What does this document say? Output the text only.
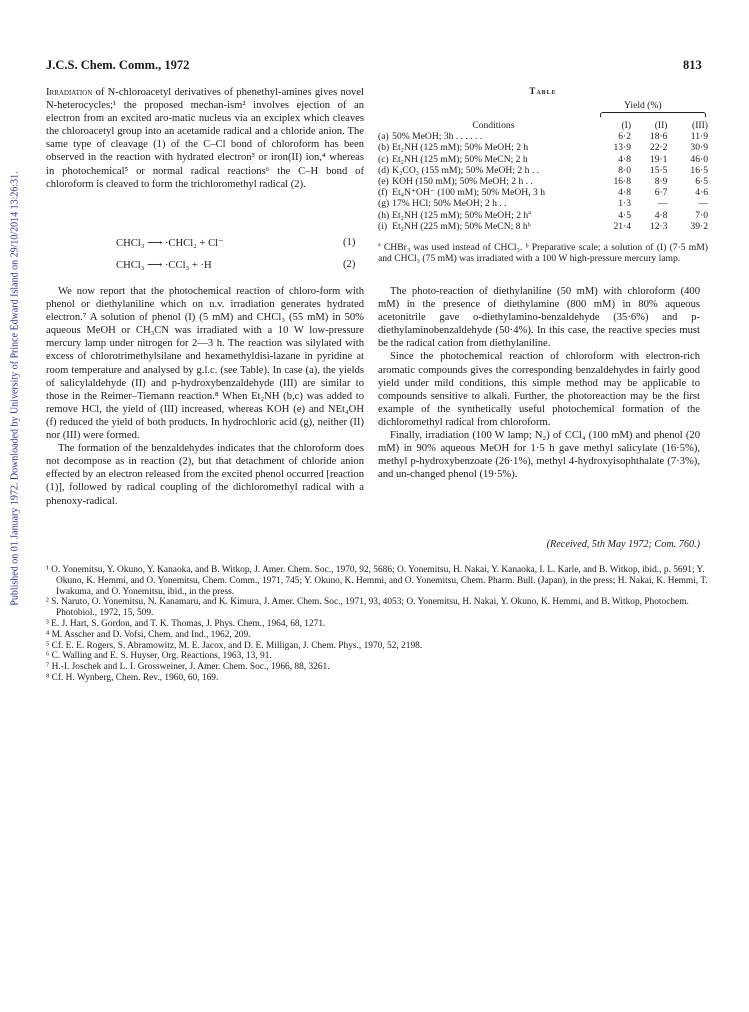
Published on 01 January 1972. Downloaded by University of Prince Edward Island on 29/10/2014 13:26:31.
J.C.S. Chem. Comm., 1972	813

Irradiation of N-chloroacetyl derivatives of phenethyl-amines gives novel N-heterocycles;¹ the proposed mechan-ism² involves ejection of an electron from an excited aro-matic nucleus via an exciplex which cleaves the chloroacetyl group into an acetamide radical and a chloride anion. The same type of cleavage (1) of the C–Cl bond of chloroform has been observed in the reaction with hydrated electron³ or iron(II) ion,⁴ whereas in photochemical⁵ or normal radical reactions⁶ the C–H bond of chloroform is cleaved to form the trichloromethyl radical (2).

CHCl₃ ⟶ ·CHCl₂ + Cl⁻	(1)
CHCl₃ ⟶ ·CCl₃ + ·H	(2)

We now report that the photochemical reaction of chloro-form with phenol or diethylaniline which on u.v. irradiation generates hydrated electron.⁷ A solution of phenol (I) (5 mM) and CHCl₃ (55 mM) in 50% aqueous MeOH or CH₃CN was irradiated with a 10 W low-pressure mercury lamp under nitrogen for 2—3 h. The reaction was silylated with excess of chlorotrimethylsilane and hexamethyldisi-lazane in pyridine at room temperature and analysed by g.l.c. (see Table). In case (a), the yields of salicylaldehyde (II) and p-hydroxybenzaldehyde (III) are similar to those in the Reimer–Tiemann reaction.⁸ When Et₂NH (b,c) was added to remove HCl, the yield of (III) increased, whereas KOH (e) and NEt₄OH (f) reduced the yield of both products. In hydrochloric acid (g), neither (II) nor (III) were formed.

The formation of the benzaldehydes indicates that the chloroform does not decompose as in reaction (2), but that detachment of chloride anion effected by an electron released from the excited phenol occurred [reaction (1)], followed by radical coupling of the dichloromethyl radical with a phenoxy-radical.

Table
Yield (%)
	Conditions	(I)	(II)	(III)
(a)	50% MeOH; 3h . . . . . .	6·2	18·6	11·9
(b)	Et₂NH (125 mM); 50% MeOH; 2 h	13·9	22·2	30·9
(c)	Et₂NH (125 mM); 50% MeCN; 2 h	4·8	19·1	46·0
(d)	K₂CO₃ (155 mM); 50% MeOH; 2 h . .	8·0	15·5	16·5
(e)	KOH (150 mM); 50% MeOH; 2 h . .	16·8	8·9	6·5
(f)	Et₄N⁺OH⁻ (100 mM); 50% MeOH, 3 h	4·8	6·7	4·6
(g)	17% HCl; 50% MeOH; 2 h . .	1·3	—	—
(h)	Et₂NH (125 mM); 50% MeOH; 2 hª	4·5	4·8	7·0
(i)	Et₂NH (225 mM); 50% MeCN; 8 hᵇ	21·4	12·3	39·2
ª CHBr₃ was used instead of CHCl₃. ᵇ Preparative scale; a solution of (I) (7·5 mM) and CHCl₃ (75 mM) was irradiated with a 100 W high-pressure mercury lamp.

The photo-reaction of diethylaniline (50 mM) with chloroform (400 mM) in the presence of diethylamine (800 mM) in 80% aqueous acetonitrile gave o-diethylamino-benzaldehyde (35·6%) and p-diethylaminobenzaldehyde (50·4%). In this case, the reactive species must be the radical cation from diethylaniline.

Since the photochemical reaction of chloroform with electron-rich aromatic compounds gives the corresponding benzaldehydes in fairly good yield under mild conditions, this simple method may be applicable to compounds sensitive to alkali. Further, the photoreaction may be the first example of the synthetically useful photochemical formation of the dichloromethyl radical from chloroform.

Finally, irradiation (100 W lamp; N₂) of CCl₄ (100 mM) and phenol (20 mM) in 90% aqueous MeOH for 1·5 h gave methyl salicylate (16·5%), methyl p-hydroxybenzoate (26·1%), methyl 4-hydroxyisophthalate (7·3%), and un-changed phenol (19·5%).

(Received, 5th May 1972; Com. 760.)
¹ O. Yonemitsu, Y. Okuno, Y. Kanaoka, and B. Witkop, J. Amer. Chem. Soc., 1970, 92, 5686; O. Yonemitsu, H. Nakai, Y. Kanaoka, I. L. Karle, and B. Witkop, ibid., p. 5691; Y. Okuno, K. Hemmi, and O. Yonemitsu, Chem. Comm., 1971, 745; Y. Okuno, K. Hemmi, and O. Yonemitsu, Chem. Pharm. Bull. (Japan), in the press; H. Nakai, K. Hemmi, T. Iwakuma, and O. Yonemitsu, ibid., in the press.
² S. Naruto, O. Yonemitsu, N. Kanamaru, and K. Kimura, J. Amer. Chem. Soc., 1971, 93, 4053; O. Yonemitsu, H. Nakai, Y. Okuno, K. Hemmi, and B. Witkop, Photochem. Photobiol., 1972, 15, 509.
³ E. J. Hart, S. Gordon, and T. K. Thomas, J. Phys. Chem., 1964, 68, 1271.
⁴ M. Asscher and D. Vofsi, Chem. and Ind., 1962, 209.
⁵ Cf. E. E. Rogers, S. Abramowitz, M. E. Jacox, and D. E. Milligan, J. Chem. Phys., 1970, 52, 2198.
⁶ C. Walling and E. S. Huyser, Org. Reactions, 1963, 13, 91.
⁷ H.-I. Joschek and L. I. Grossweiner, J. Amer. Chem. Soc., 1966, 88, 3261.
⁸ Cf. H. Wynberg, Chem. Rev., 1960, 60, 169.
